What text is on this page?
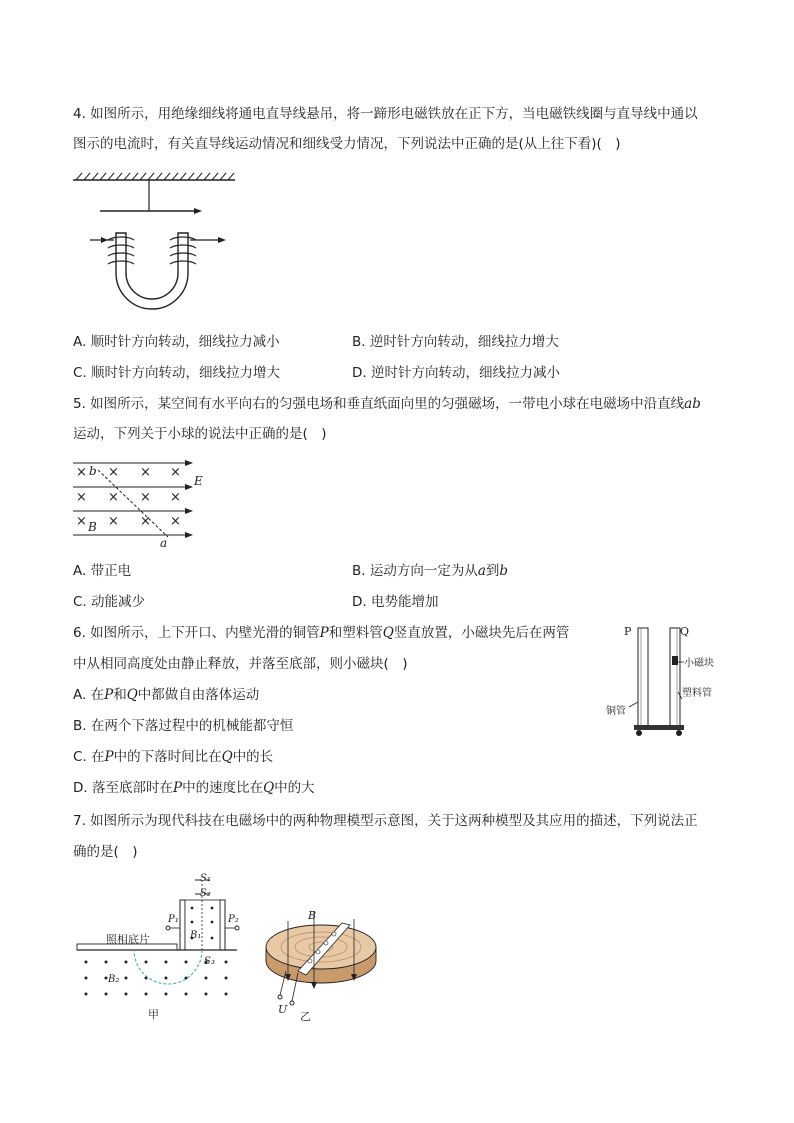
4. 如图所示，用绝缘细线将通电直导线悬吊，将一蹄形电磁铁放在正下方，当电磁铁线圈与直导线中通以
图示的电流时，有关直导线运动情况和细线受力情况，下列说法中正确的是(从上往下看)(　)
A. 顺时针方向转动，细线拉力减小	B. 逆时针方向转动，细线拉力增大
C. 顺时针方向转动，细线拉力增大	D. 逆时针方向转动，细线拉力减小
5. 如图所示，某空间有水平向右的匀强电场和垂直纸面向里的匀强磁场，一带电小球在电磁场中沿直线ab
运动，下列关于小球的说法中正确的是(　)
× × × ×
× × × ×
× × × ×
b
B
E
a
A. 带正电	B. 运动方向一定为从a到b
C. 动能减少	D. 电势能增加
6. 如图所示，上下开口、内壁光滑的铜管P和塑料管Q竖直放置，小磁块先后在两管
中从相同高度处由静止释放，并落至底部，则小磁块(　)
A. 在P和Q中都做自由落体运动
B. 在两个下落过程中的机械能都守恒
C. 在P中的下落时间比在Q中的长
D. 落至底部时在P中的速度比在Q中的大
P	Q
小磁块
塑料管
铜管
7. 如图所示为现代科技在电磁场中的两种物理模型示意图，关于这两种模型及其应用的描述，下列说法正
确的是(　)
S₁
S₂
P₁	P₂
B₁
S₃
B₂
照相底片
甲
B
U
乙
